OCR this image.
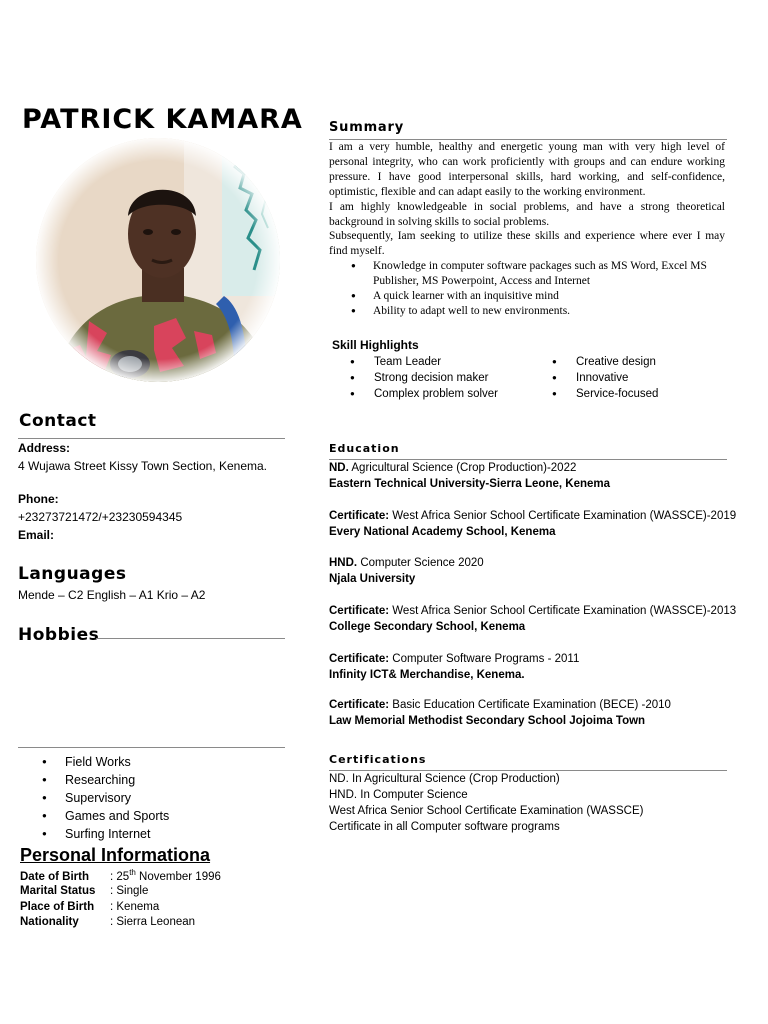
PATRICK KAMARA Summary

I am a very humble, healthy and energetic young man with very high level of personal integrity, who can work proficiently with groups and can endure working pressure. I have good interpersonal skills, hard working, and self-confidence, optimistic, flexible and can adapt easily to the working environment.

I am highly knowledgeable in social problems, and have a strong theoretical background in solving skills to social problems.

Subsequently, Iam seeking to utilize these skills and experience where ever I may find myself.

● Knowledge in computer software packages such as MS Word, Excel MS Publisher, MS Powerpoint, Access and Internet
● A quick learner with an inquisitive mind
● Ability to adapt well to new environments.
Skill Highlights
● Team Leader
● Strong decision maker
● Complex problem solver
● Creative design
● Innovative
● Service-focused
Contact
Address:
4 Wujawa Street Kissy Town Section, Kenema.
Phone:
+23273721472/+23230594345
Email:
Languages
Mende – C2 English – A1 Krio – A2
Hobbies
● Field Works
● Researching
● Supervisory
● Games and Sports
● Surfing Internet
Personal Informationa
Date of Birth : 25th November 1996
Marital Status : Single
Place of Birth : Kenema
Nationality	: Sierra Leonean
Education
ND. Agricultural Science (Crop Production)-2022
Eastern Technical University-Sierra Leone, Kenema
Certificate: West Africa Senior School Certificate Examination (WASSCE)-2019
Every National Academy School, Kenema
HND. Computer Science 2020
Njala University
Certificate: West Africa Senior School Certificate Examination (WASSCE)-2013
College Secondary School, Kenema
Certificate: Computer Software Programs - 2011
Infinity ICT& Merchandise, Kenema.
Certificate: Basic Education Certificate Examination (BECE) -2010
Law Memorial Methodist Secondary School Jojoima Town
Certifications
ND. In Agricultural Science (Crop Production)
HND. In Computer Science
West Africa Senior School Certificate Examination (WASSCE)
Certificate in all Computer software programs
